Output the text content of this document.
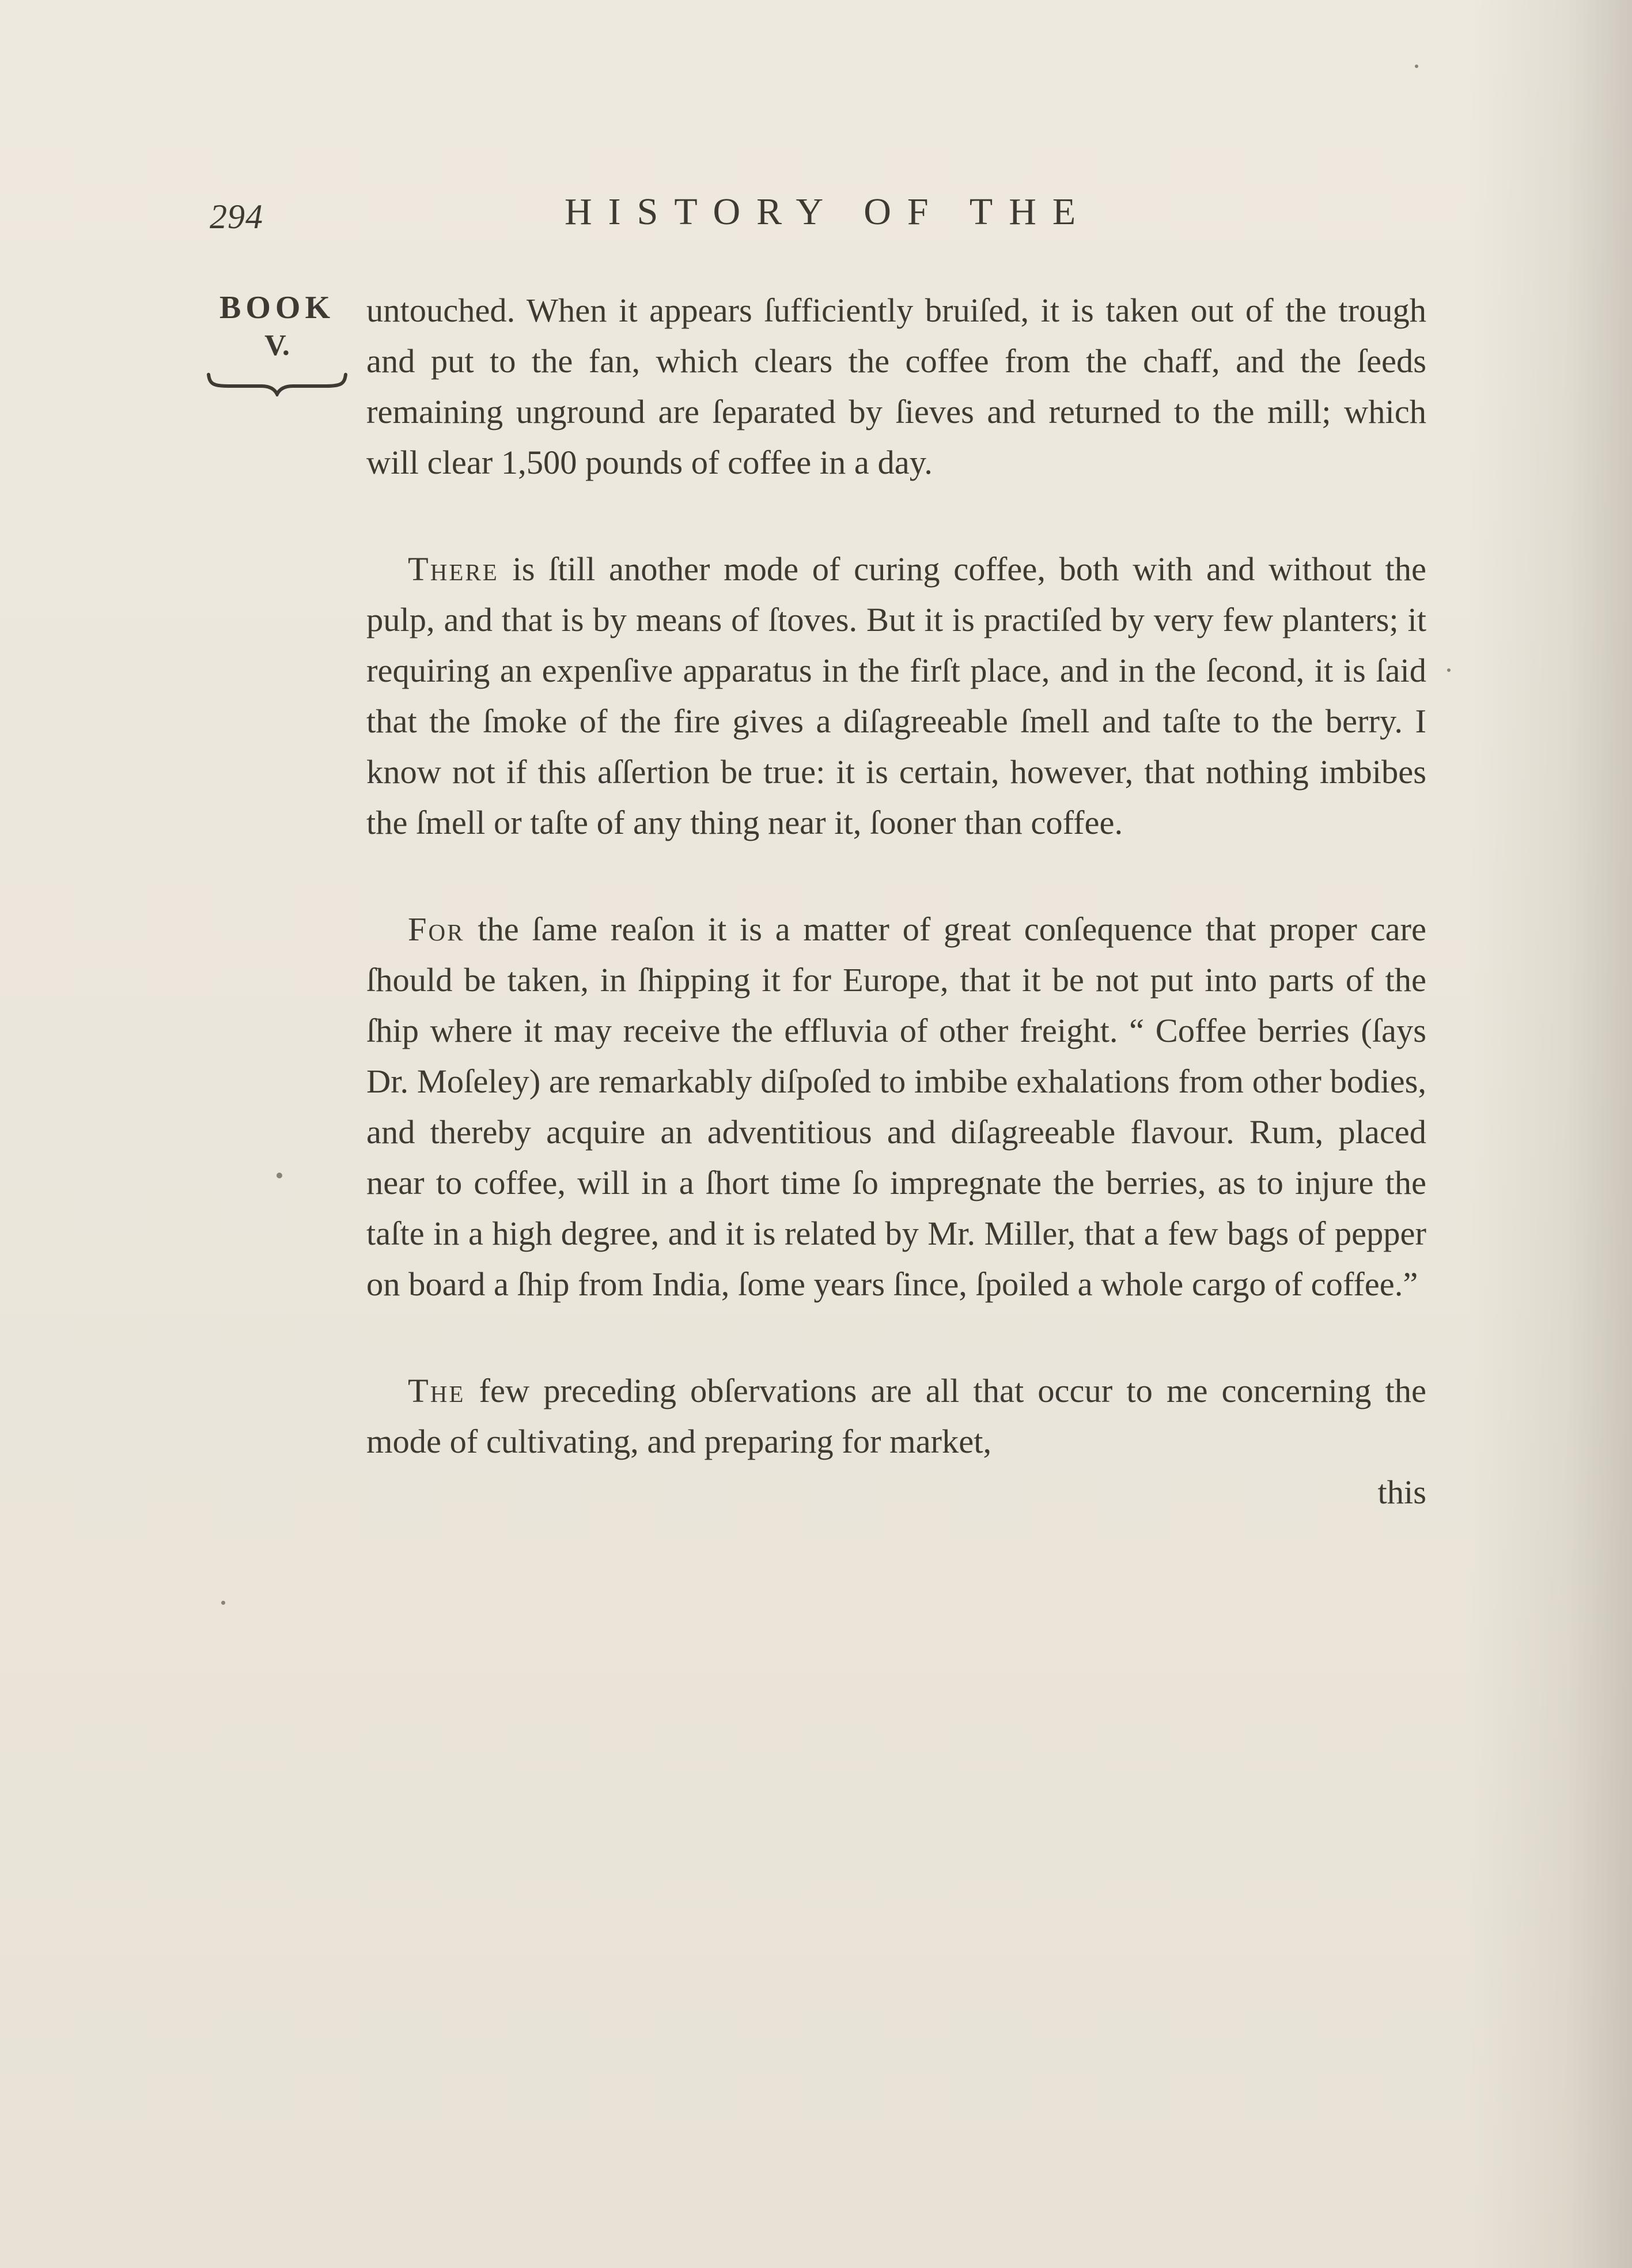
294	HISTORY OF THE
BOOK
V.

untouched. When it appears ſufficiently bruiſed, it is taken out of the trough and put to the fan, which clears the coffee from the chaff, and the ſeeds remaining unground are ſeparated by ſieves and returned to the mill; which will clear 1,500 pounds of coffee in a day.

There is ſtill another mode of curing coffee, both with and without the pulp, and that is by means of ſtoves. But it is practiſed by very few planters; it requiring an expenſive apparatus in the firſt place, and in the ſecond, it is ſaid that the ſmoke of the fire gives a diſagreeable ſmell and taſte to the berry. I know not if this aſſertion be true: it is certain, however, that nothing imbibes the ſmell or taſte of any thing near it, ſooner than coffee.

For the ſame reaſon it is a matter of great conſequence that proper care ſhould be taken, in ſhipping it for Europe, that it be not put into parts of the ſhip where it may receive the effluvia of other freight. “ Coffee berries (ſays Dr. Moſeley) are remarkably diſpoſed to imbibe exhalations from other bodies, and thereby acquire an adventitious and diſagreeable flavour. Rum, placed near to coffee, will in a ſhort time ſo impregnate the berries, as to injure the taſte in a high degree, and it is related by Mr. Miller, that a few bags of pepper on board a ſhip from India, ſome years ſince, ſpoiled a whole cargo of coffee.”

The few preceding obſervations are all that occur to me concerning the mode of cultivating, and preparing for market,

this
